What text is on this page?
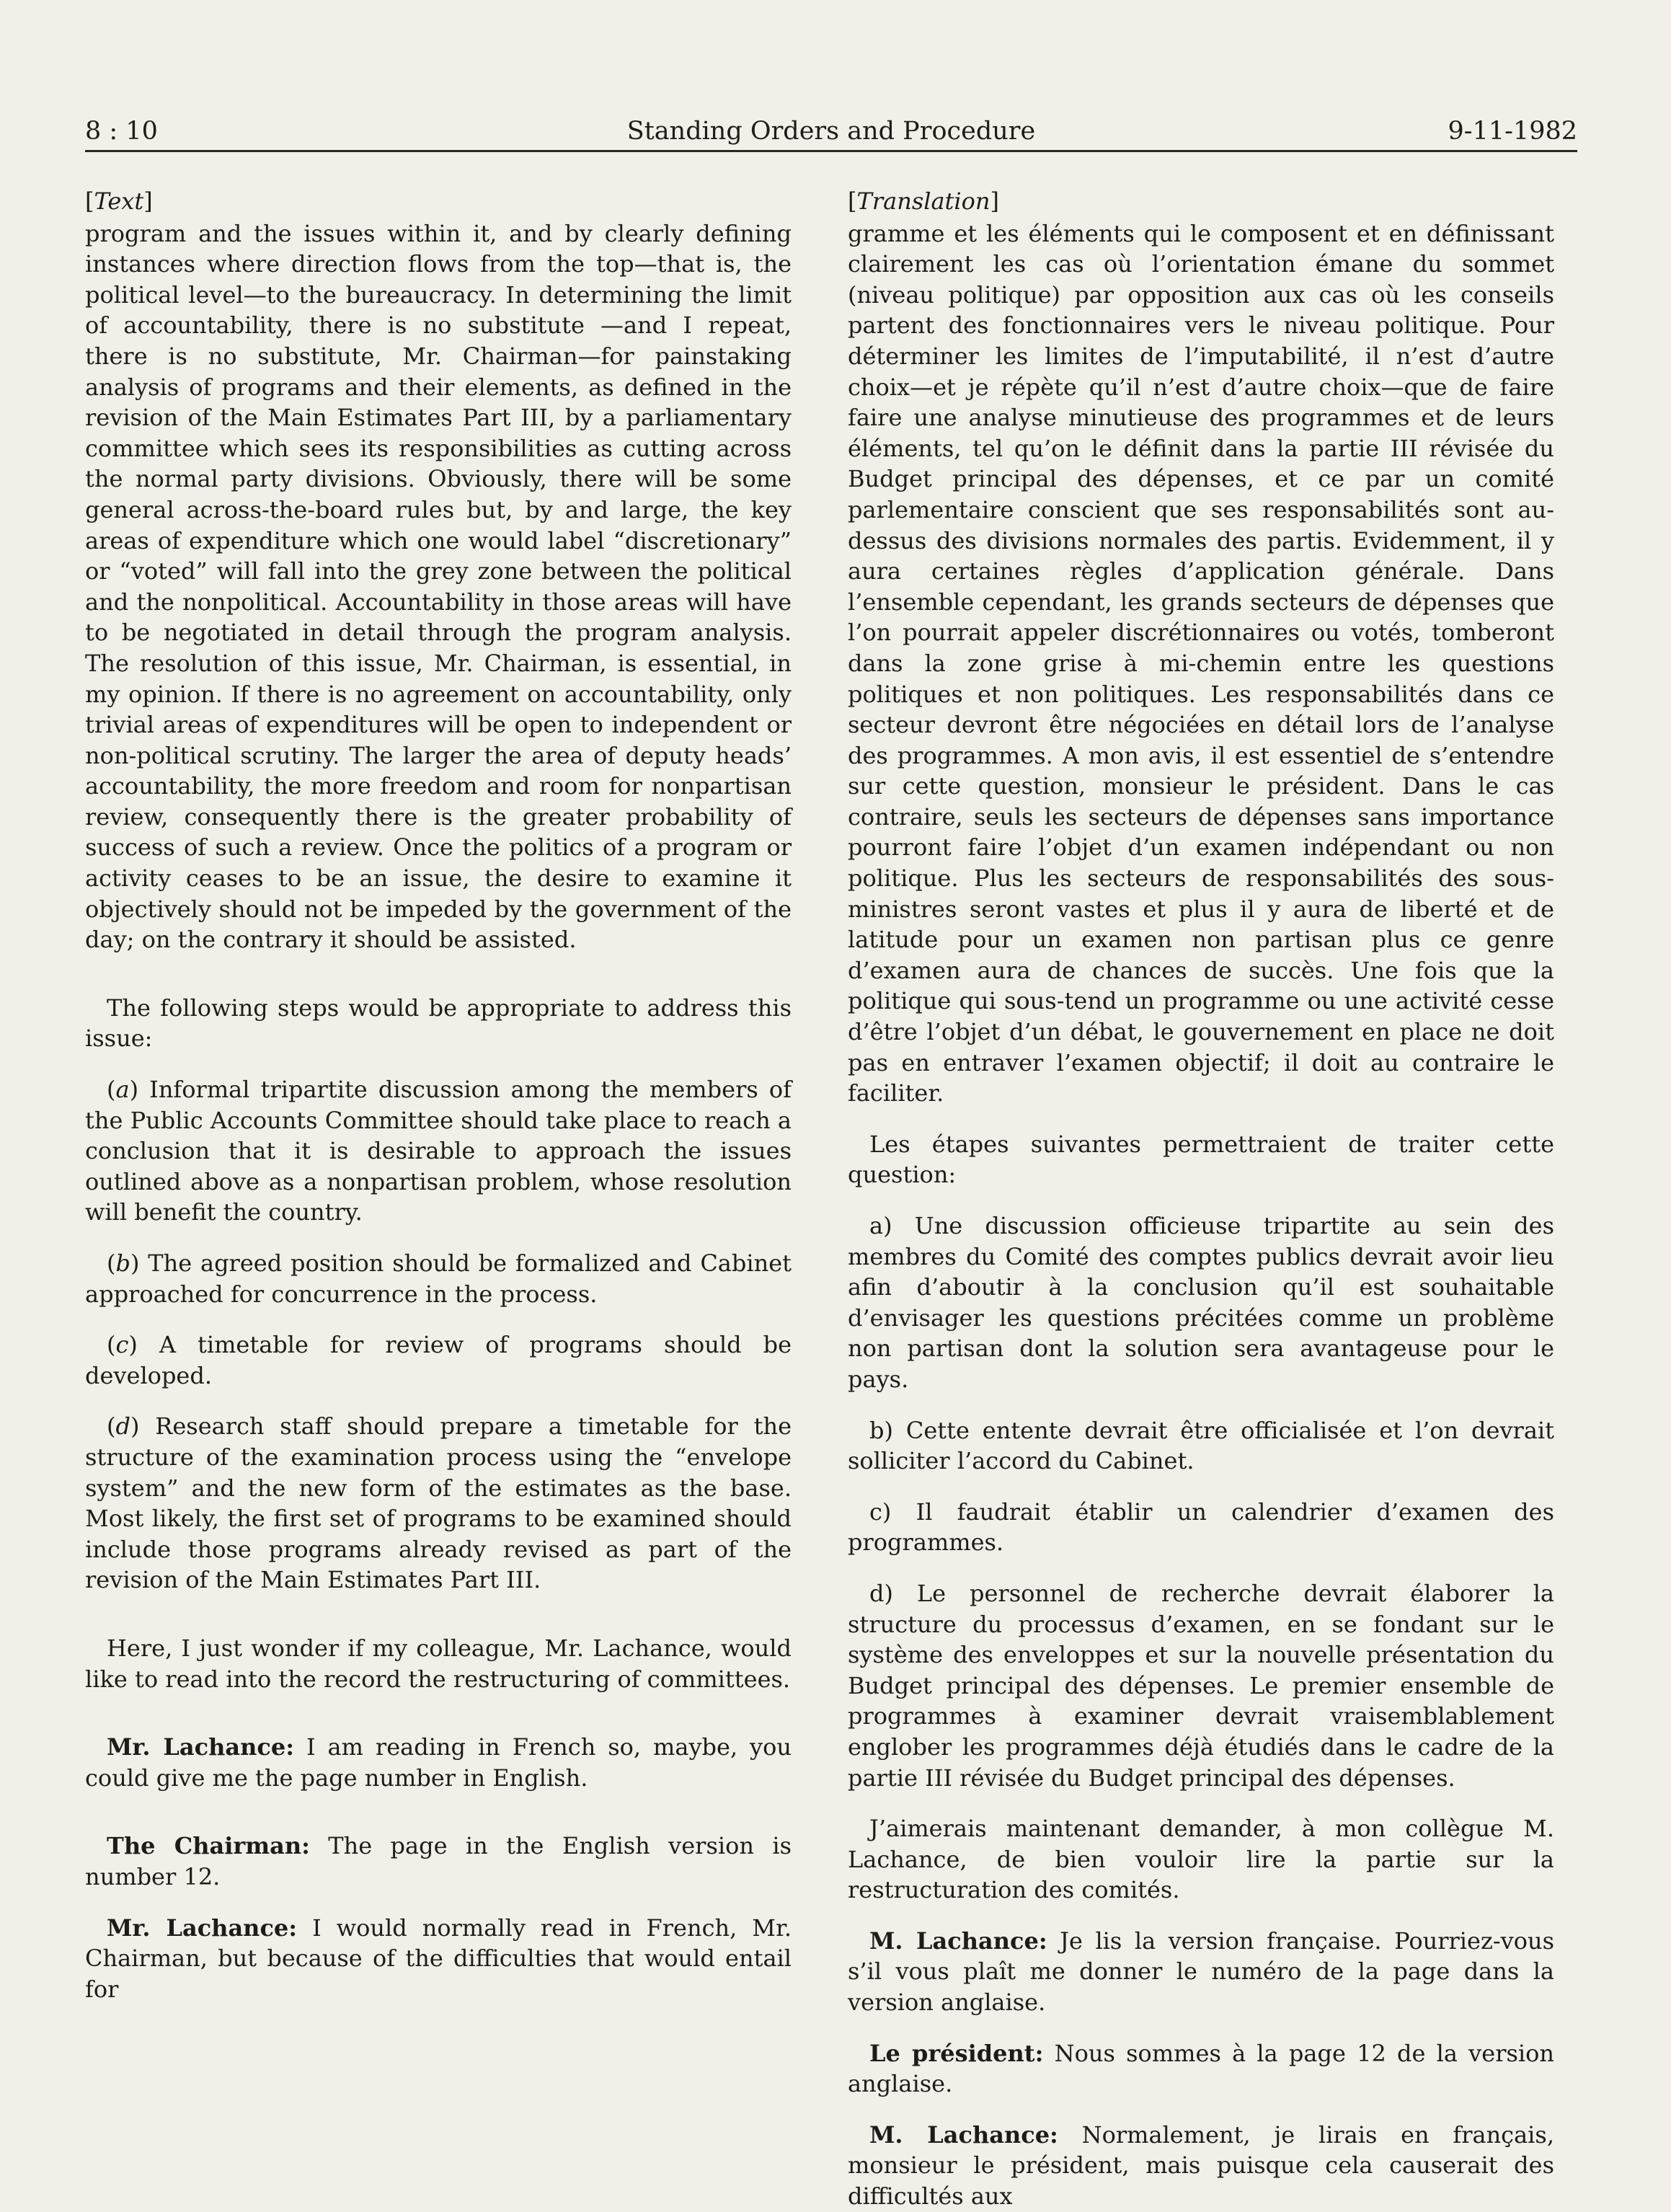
8 : 10	Standing Orders and Procedure	9-11-1982
[Text]

program and the issues within it, and by clearly defining instances where direction flows from the top—that is, the political level—to the bureaucracy. In determining the limit of accountability, there is no substitute —and I repeat, there is no substitute, Mr. Chairman—for painstaking analysis of programs and their elements, as defined in the revision of the Main Estimates Part III, by a parliamentary committee which sees its responsibilities as cutting across the normal party divisions. Obviously, there will be some general across-the-board rules but, by and large, the key areas of expenditure which one would label “discretionary” or “voted” will fall into the grey zone between the political and the nonpolitical. Accountability in those areas will have to be negotiated in detail through the program analysis. The resolution of this issue, Mr. Chairman, is essential, in my opinion. If there is no agreement on accountability, only trivial areas of expenditures will be open to independent or non-political scrutiny. The larger the area of deputy heads’ accountability, the more freedom and room for nonpartisan review, consequently there is the greater probability of success of such a review. Once the politics of a program or activity ceases to be an issue, the desire to examine it objectively should not be impeded by the government of the day; on the contrary it should be assisted.

The following steps would be appropriate to address this issue:

(a) Informal tripartite discussion among the members of the Public Accounts Committee should take place to reach a conclusion that it is desirable to approach the issues outlined above as a nonpartisan problem, whose resolution will benefit the country.

(b) The agreed position should be formalized and Cabinet approached for concurrence in the process.

(c) A timetable for review of programs should be developed.

(d) Research staff should prepare a timetable for the structure of the examination process using the “envelope system” and the new form of the estimates as the base. Most likely, the first set of programs to be examined should include those programs already revised as part of the revision of the Main Estimates Part III.

Here, I just wonder if my colleague, Mr. Lachance, would like to read into the record the restructuring of committees.

Mr. Lachance: I am reading in French so, maybe, you could give me the page number in English.

The Chairman: The page in the English version is number 12.

Mr. Lachance: I would normally read in French, Mr. Chairman, but because of the difficulties that would entail for

[Translation]

gramme et les éléments qui le composent et en définissant clairement les cas où l’orientation émane du sommet (niveau politique) par opposition aux cas où les conseils partent des fonctionnaires vers le niveau politique. Pour déterminer les limites de l’imputabilité, il n’est d’autre choix—et je répète qu’il n’est d’autre choix—que de faire faire une analyse minutieuse des programmes et de leurs éléments, tel qu’on le définit dans la partie III révisée du Budget principal des dépenses, et ce par un comité parlementaire conscient que ses responsabilités sont au-dessus des divisions normales des partis. Evidemment, il y aura certaines règles d’application générale. Dans l’ensemble cependant, les grands secteurs de dépenses que l’on pourrait appeler discrétionnaires ou votés, tomberont dans la zone grise à mi-chemin entre les questions politiques et non politiques. Les responsabilités dans ce secteur devront être négociées en détail lors de l’analyse des programmes. A mon avis, il est essentiel de s’entendre sur cette question, monsieur le président. Dans le cas contraire, seuls les secteurs de dépenses sans importance pourront faire l’objet d’un examen indépendant ou non politique. Plus les secteurs de responsabilités des sous-ministres seront vastes et plus il y aura de liberté et de latitude pour un examen non partisan plus ce genre d’examen aura de chances de succès. Une fois que la politique qui sous-tend un programme ou une activité cesse d’être l’objet d’un débat, le gouvernement en place ne doit pas en entraver l’examen objectif; il doit au contraire le faciliter.

Les étapes suivantes permettraient de traiter cette question:

a) Une discussion officieuse tripartite au sein des membres du Comité des comptes publics devrait avoir lieu afin d’aboutir à la conclusion qu’il est souhaitable d’envisager les questions précitées comme un problème non partisan dont la solution sera avantageuse pour le pays.

b) Cette entente devrait être officialisée et l’on devrait solliciter l’accord du Cabinet.

c) Il faudrait établir un calendrier d’examen des programmes.

d) Le personnel de recherche devrait élaborer la structure du processus d’examen, en se fondant sur le système des enveloppes et sur la nouvelle présentation du Budget principal des dépenses. Le premier ensemble de programmes à examiner devrait vraisemblablement englober les programmes déjà étudiés dans le cadre de la partie III révisée du Budget principal des dépenses.

J’aimerais maintenant demander, à mon collègue M. Lachance, de bien vouloir lire la partie sur la restructuration des comités.

M. Lachance: Je lis la version française. Pourriez-vous s’il vous plaît me donner le numéro de la page dans la version anglaise.

Le président: Nous sommes à la page 12 de la version anglaise.

M. Lachance: Normalement, je lirais en français, monsieur le président, mais puisque cela causerait des difficultés aux
